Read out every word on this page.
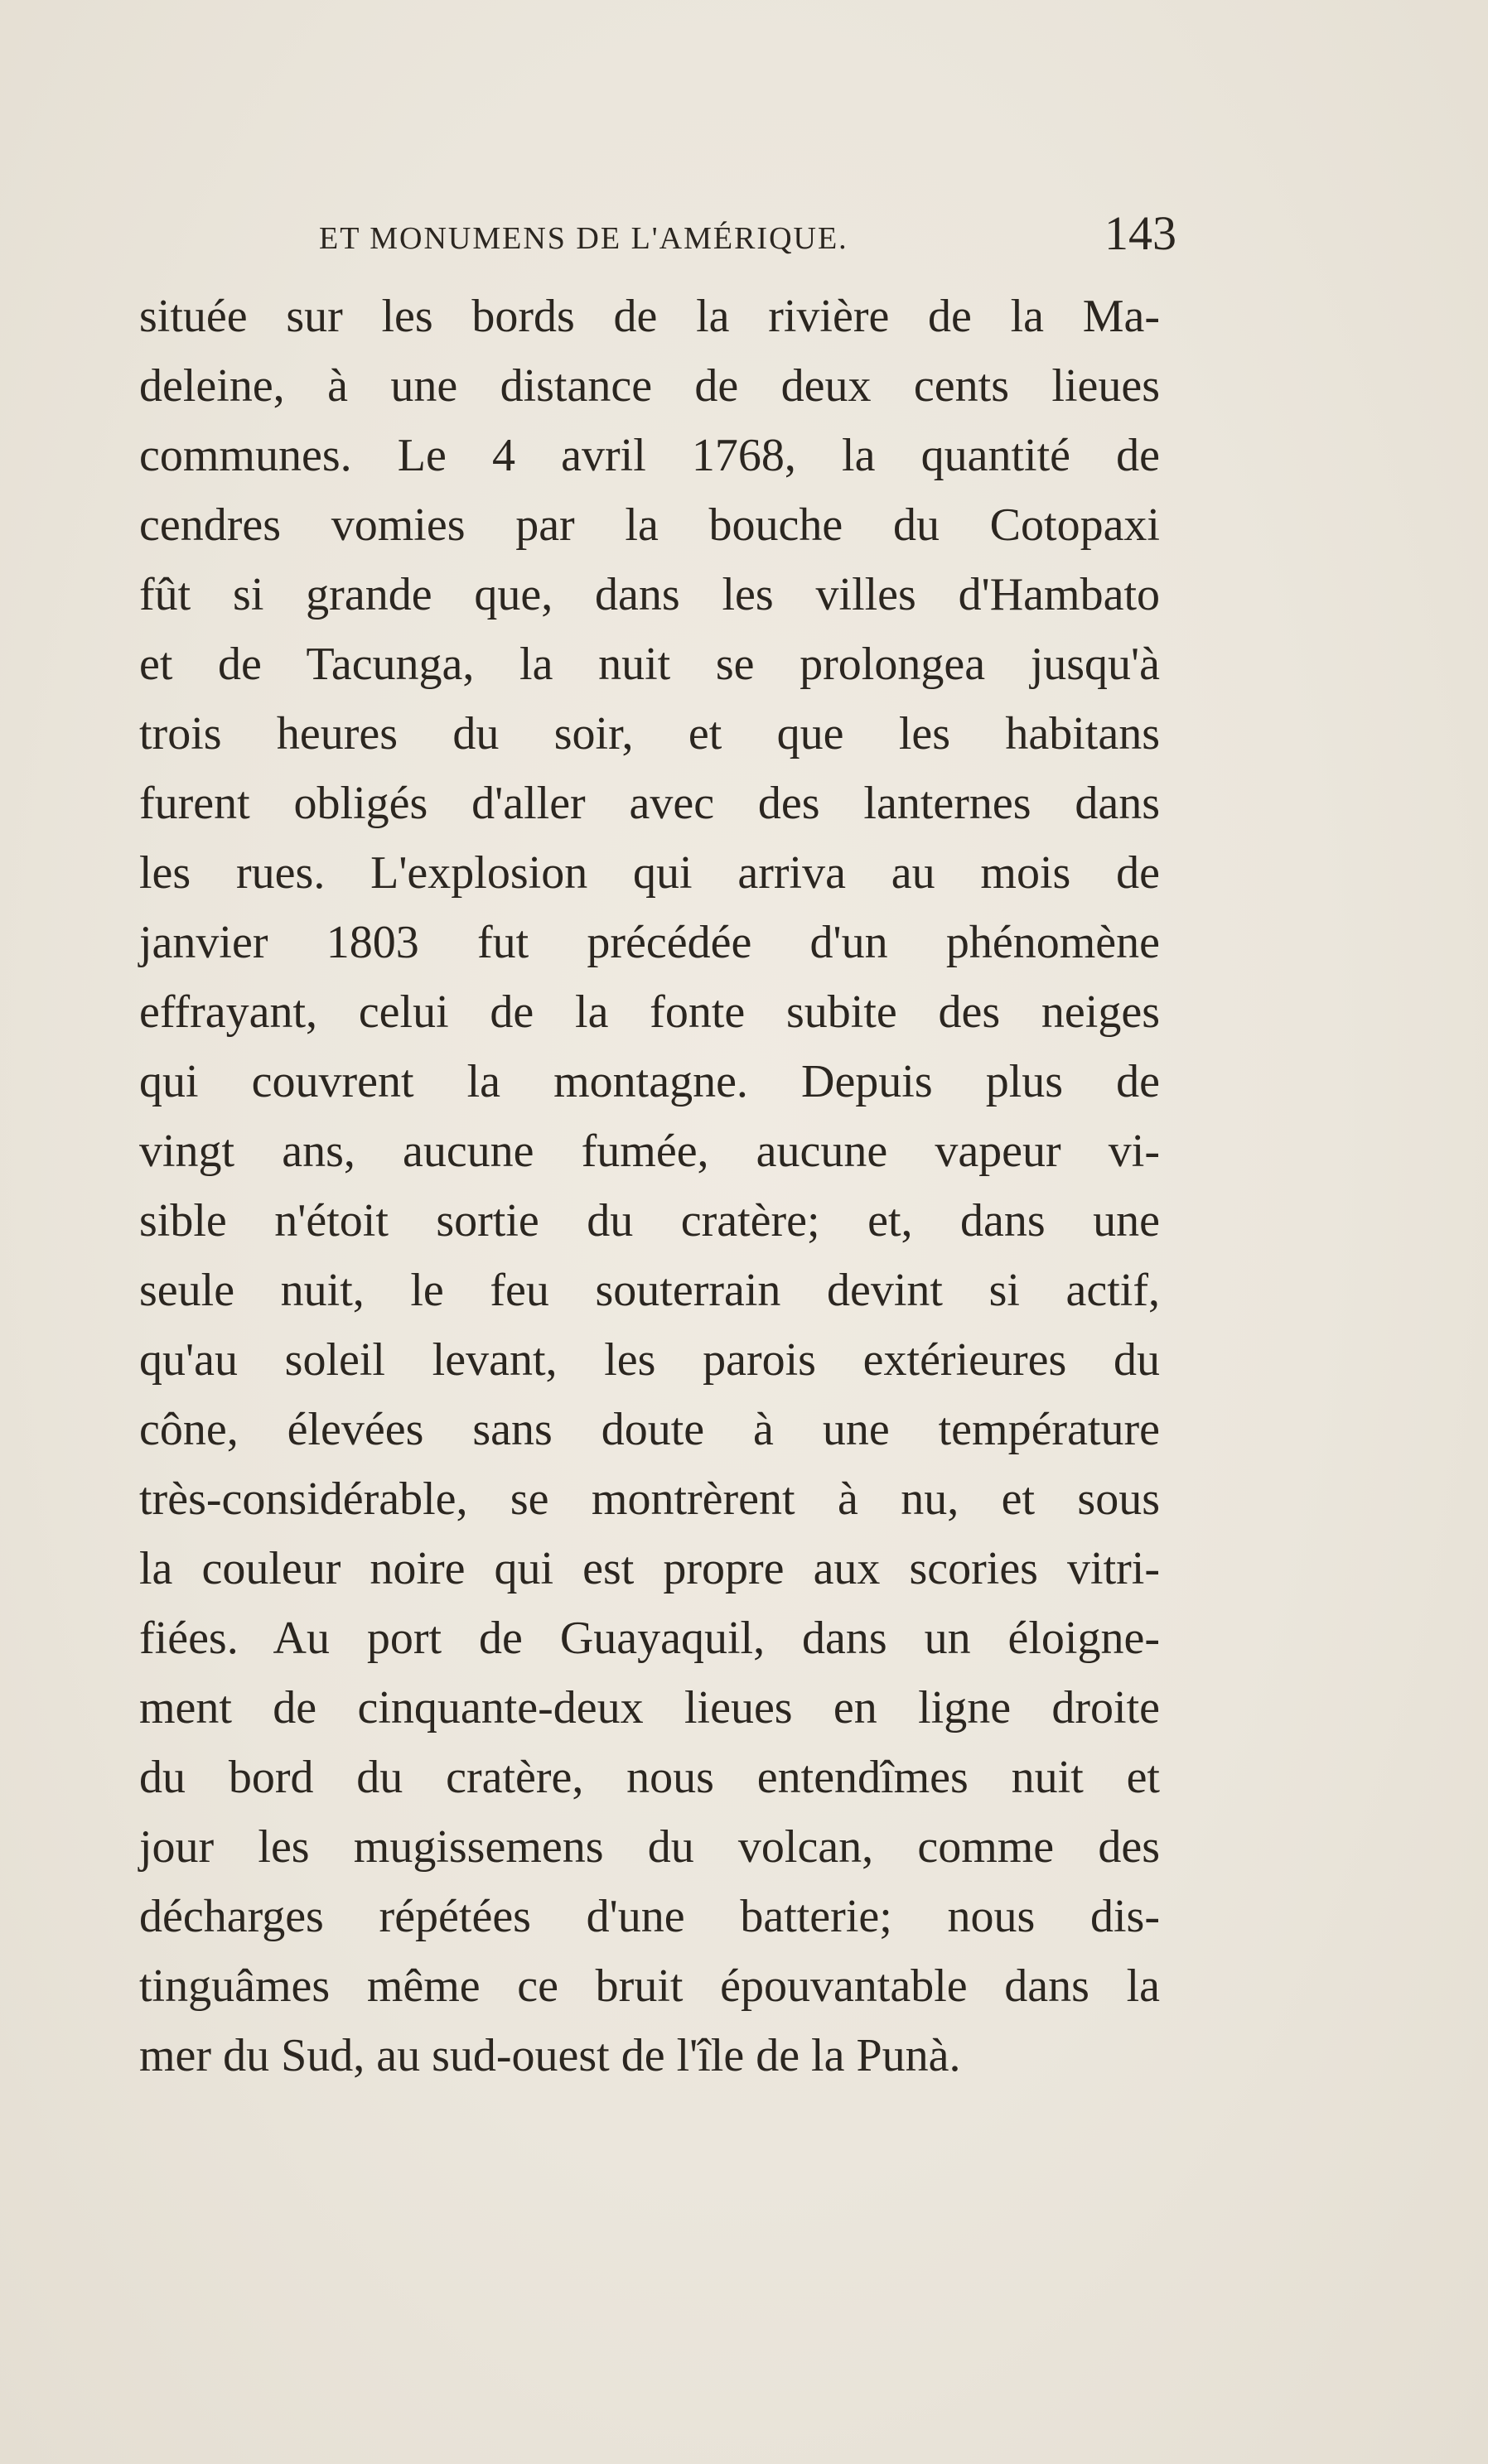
ET MONUMENS DE L'AMÉRIQUE.	143
située sur les bords de la rivière de la Ma-
deleine, à une distance de deux cents lieues
communes. Le 4 avril 1768, la quantité de
cendres vomies par la bouche du Cotopaxi
fût si grande que, dans les villes d'Hambato
et de Tacunga, la nuit se prolongea jusqu'à
trois heures du soir, et que les habitans
furent obligés d'aller avec des lanternes dans
les rues. L'explosion qui arriva au mois de
janvier 1803 fut précédée d'un phénomène
effrayant, celui de la fonte subite des neiges
qui couvrent la montagne. Depuis plus de
vingt ans, aucune fumée, aucune vapeur vi-
sible n'étoit sortie du cratère; et, dans une
seule nuit, le feu souterrain devint si actif,
qu'au soleil levant, les parois extérieures du
cône, élevées sans doute à une température
très-considérable, se montrèrent à nu, et sous
la couleur noire qui est propre aux scories vitri-
fiées. Au port de Guayaquil, dans un éloigne-
ment de cinquante-deux lieues en ligne droite
du bord du cratère, nous entendîmes nuit et
jour les mugissemens du volcan, comme des
décharges répétées d'une batterie; nous dis-
tinguâmes même ce bruit épouvantable dans la
mer du Sud, au sud-ouest de l'île de la Punà.
